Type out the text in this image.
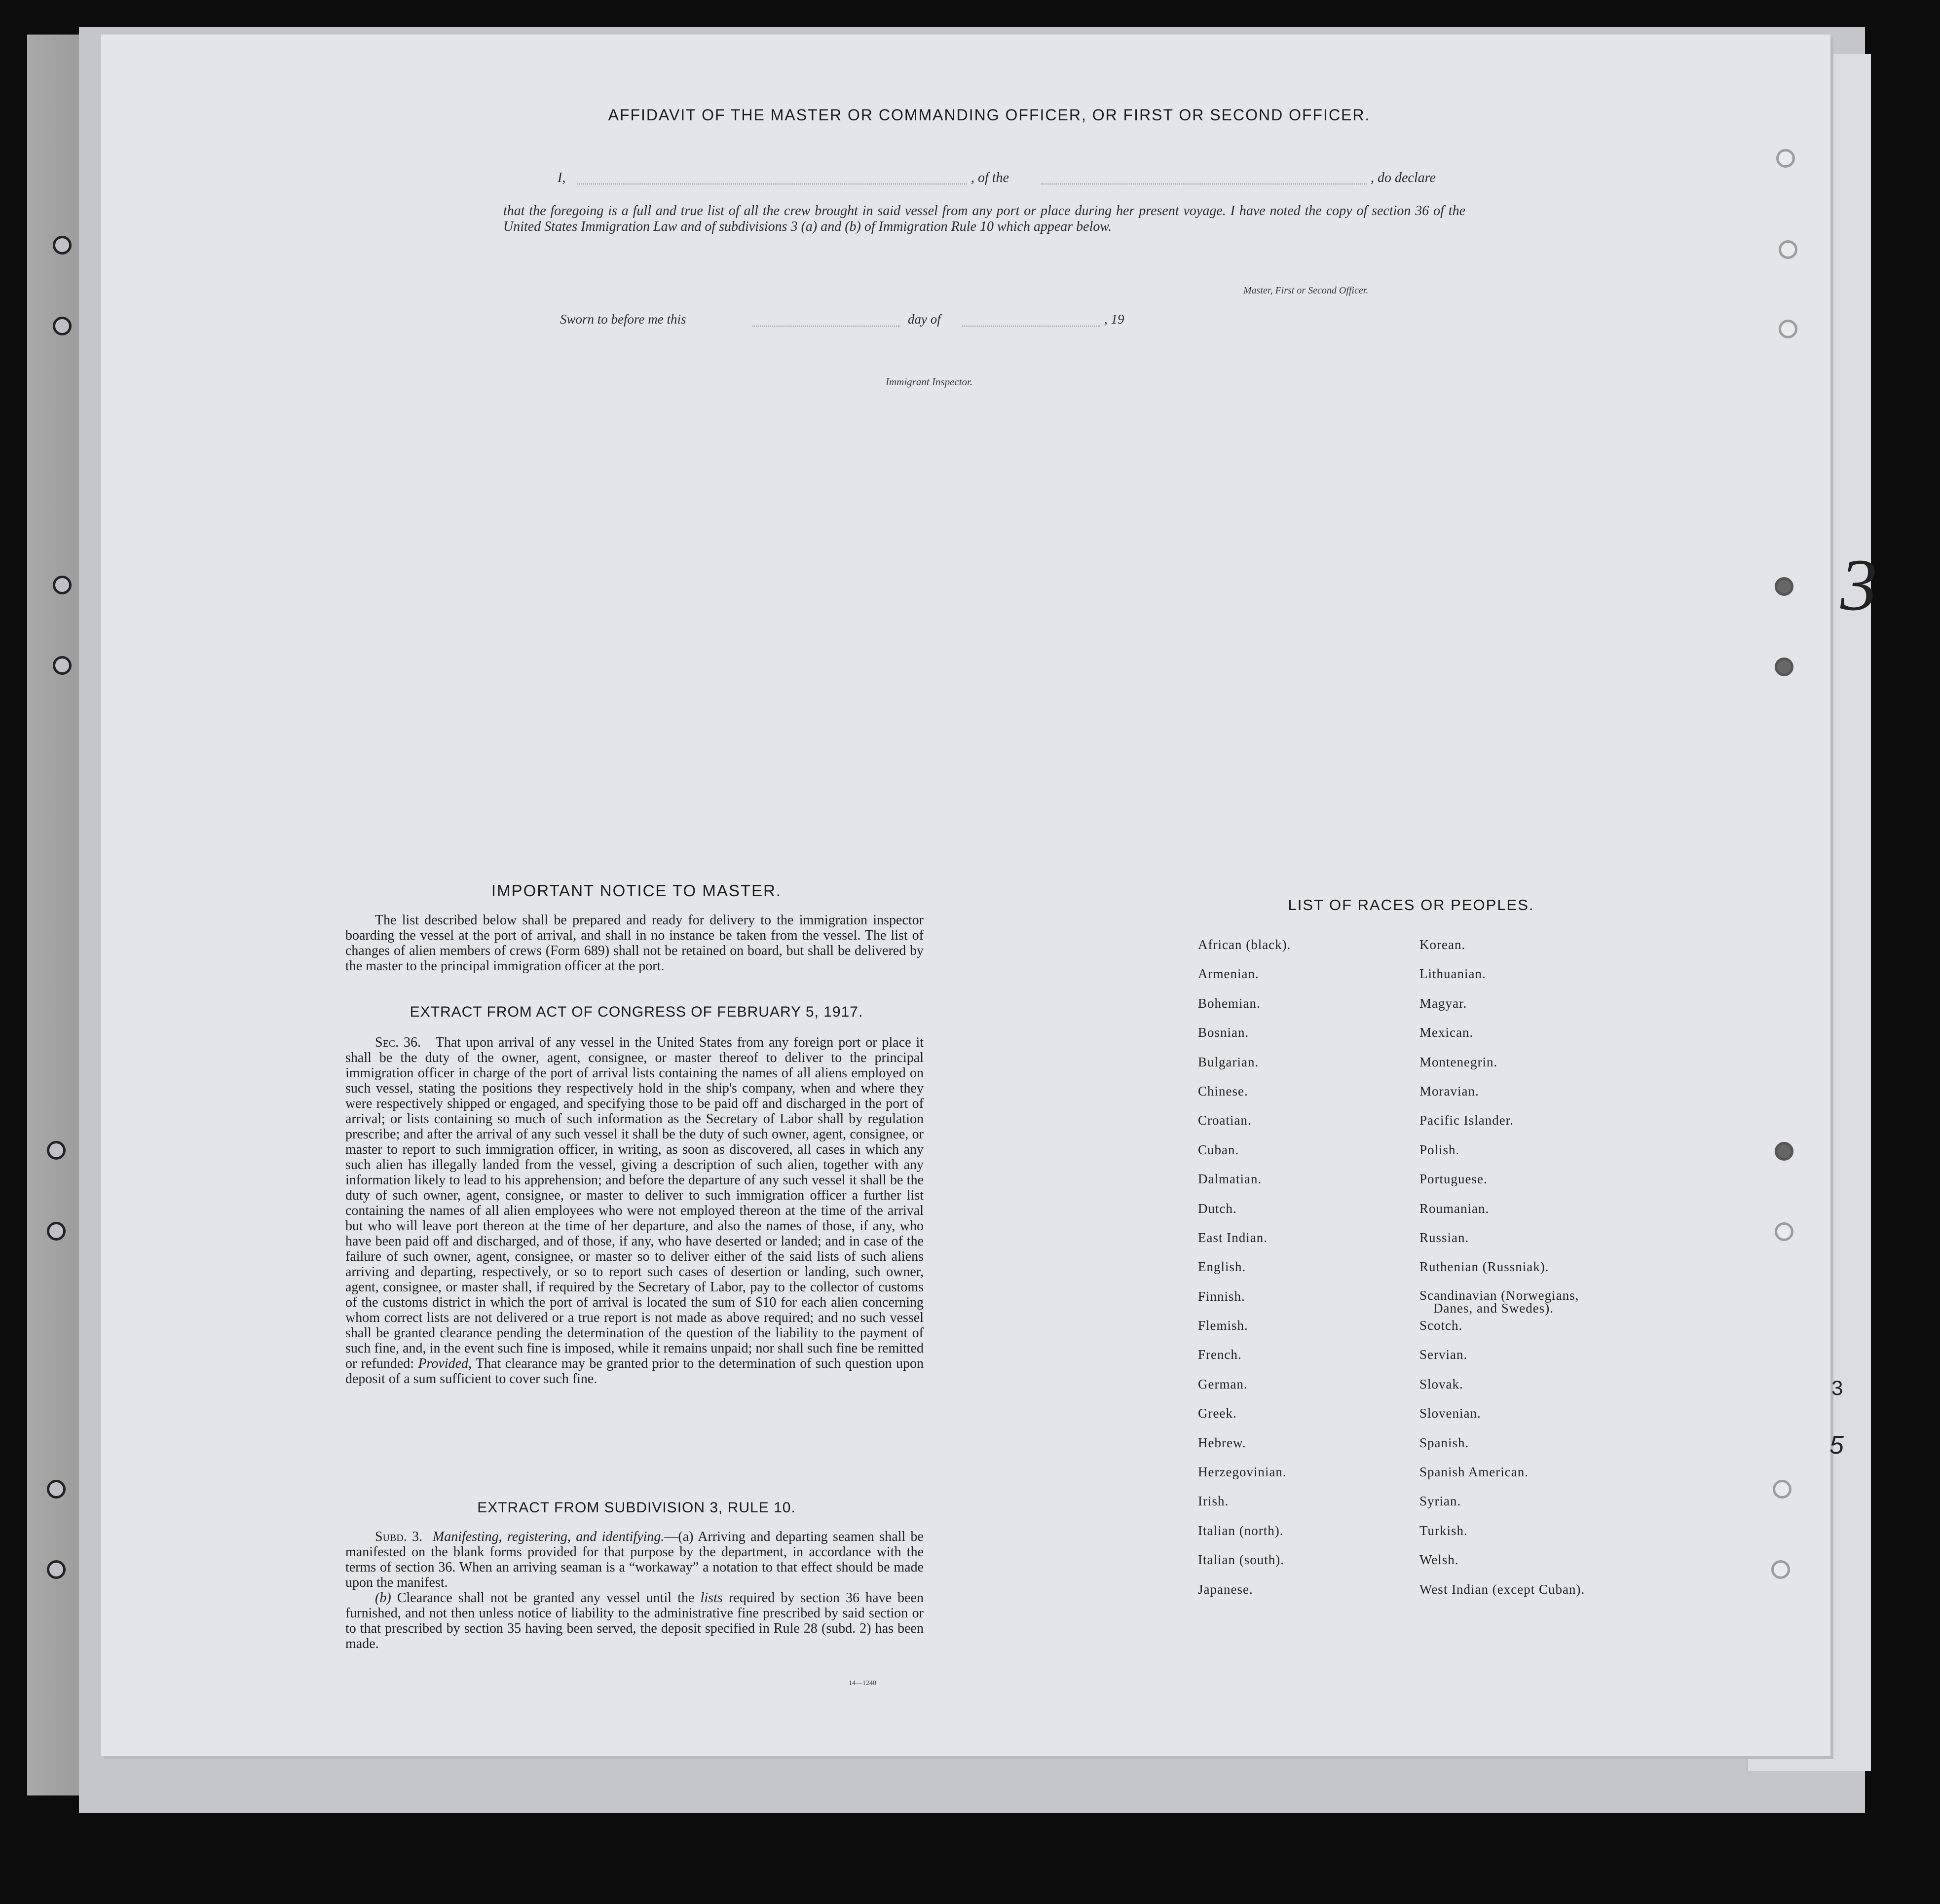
AFFIDAVIT OF THE MASTER OR COMMANDING OFFICER, OR FIRST OR SECOND OFFICER.
I,	, of the	, do declare
that the foregoing is a full and true list of all the crew brought in said vessel from any port or place during her present voyage. I have noted the copy of section 36 of the United States Immigration Law and of subdivisions 3 (a) and (b) of Immigration Rule 10 which appear below.
Master, First or Second Officer.
Sworn to before me this	day of	, 19
Immigrant Inspector.
IMPORTANT NOTICE TO MASTER.

The list described below shall be prepared and ready for delivery to the immigration inspector boarding the vessel at the port of arrival, and shall in no instance be taken from the vessel. The list of changes of alien members of crews (Form 689) shall not be retained on board, but shall be delivered by the master to the principal immigration officer at the port.

EXTRACT FROM ACT OF CONGRESS OF FEBRUARY 5, 1917.

Sec. 36. That upon arrival of any vessel in the United States from any foreign port or place it shall be the duty of the owner, agent, consignee, or master thereof to deliver to the principal immigration officer in charge of the port of arrival lists containing the names of all aliens employed on such vessel, stating the positions they respectively hold in the ship's company, when and where they were respectively shipped or engaged, and specifying those to be paid off and discharged in the port of arrival; or lists containing so much of such information as the Secretary of Labor shall by regulation prescribe; and after the arrival of any such vessel it shall be the duty of such owner, agent, consignee, or master to report to such immigration officer, in writing, as soon as discovered, all cases in which any such alien has illegally landed from the vessel, giving a description of such alien, together with any information likely to lead to his apprehension; and before the departure of any such vessel it shall be the duty of such owner, agent, consignee, or master to deliver to such immigration officer a further list containing the names of all alien employees who were not employed thereon at the time of the arrival but who will leave port thereon at the time of her departure, and also the names of those, if any, who have been paid off and discharged, and of those, if any, who have deserted or landed; and in case of the failure of such owner, agent, consignee, or master so to deliver either of the said lists of such aliens arriving and departing, respectively, or so to report such cases of desertion or landing, such owner, agent, consignee, or master shall, if required by the Secretary of Labor, pay to the collector of customs of the customs district in which the port of arrival is located the sum of $10 for each alien concerning whom correct lists are not delivered or a true report is not made as above required; and no such vessel shall be granted clearance pending the determination of the question of the liability to the payment of such fine, and, in the event such fine is imposed, while it remains unpaid; nor shall such fine be remitted or refunded: Provided, That clearance may be granted prior to the determination of such question upon deposit of a sum sufficient to cover such fine.

EXTRACT FROM SUBDIVISION 3, RULE 10.

Subd. 3. Manifesting, registering, and identifying.—(a) Arriving and departing seamen shall be manifested on the blank forms provided for that purpose by the department, in accordance with the terms of section 36. When an arriving seaman is a “workaway” a notation to that effect should be made upon the manifest.

(b) Clearance shall not be granted any vessel until the lists required by section 36 have been furnished, and not then unless notice of liability to the administrative fine prescribed by said section or to that prescribed by section 35 having been served, the deposit specified in Rule 28 (subd. 2) has been made.

14—1240
LIST OF RACES OR PEOPLES.
African (black).
Armenian.
Bohemian.
Bosnian.
Bulgarian.
Chinese.
Croatian.
Cuban.
Dalmatian.
Dutch.
East Indian.
English.
Finnish.
Flemish.
French.
German.
Greek.
Hebrew.
Herzegovinian.
Irish.
Italian (north).
Italian (south).
Japanese.
Korean.
Lithuanian.
Magyar.
Mexican.
Montenegrin.
Moravian.
Pacific Islander.
Polish.
Portuguese.
Roumanian.
Russian.
Ruthenian (Russniak).
Scandinavian (Norwegians,
Danes, and Swedes).
Scotch.
Servian.
Slovak.
Slovenian.
Spanish.
Spanish American.
Syrian.
Turkish.
Welsh.
West Indian (except Cuban).
3
3
5
